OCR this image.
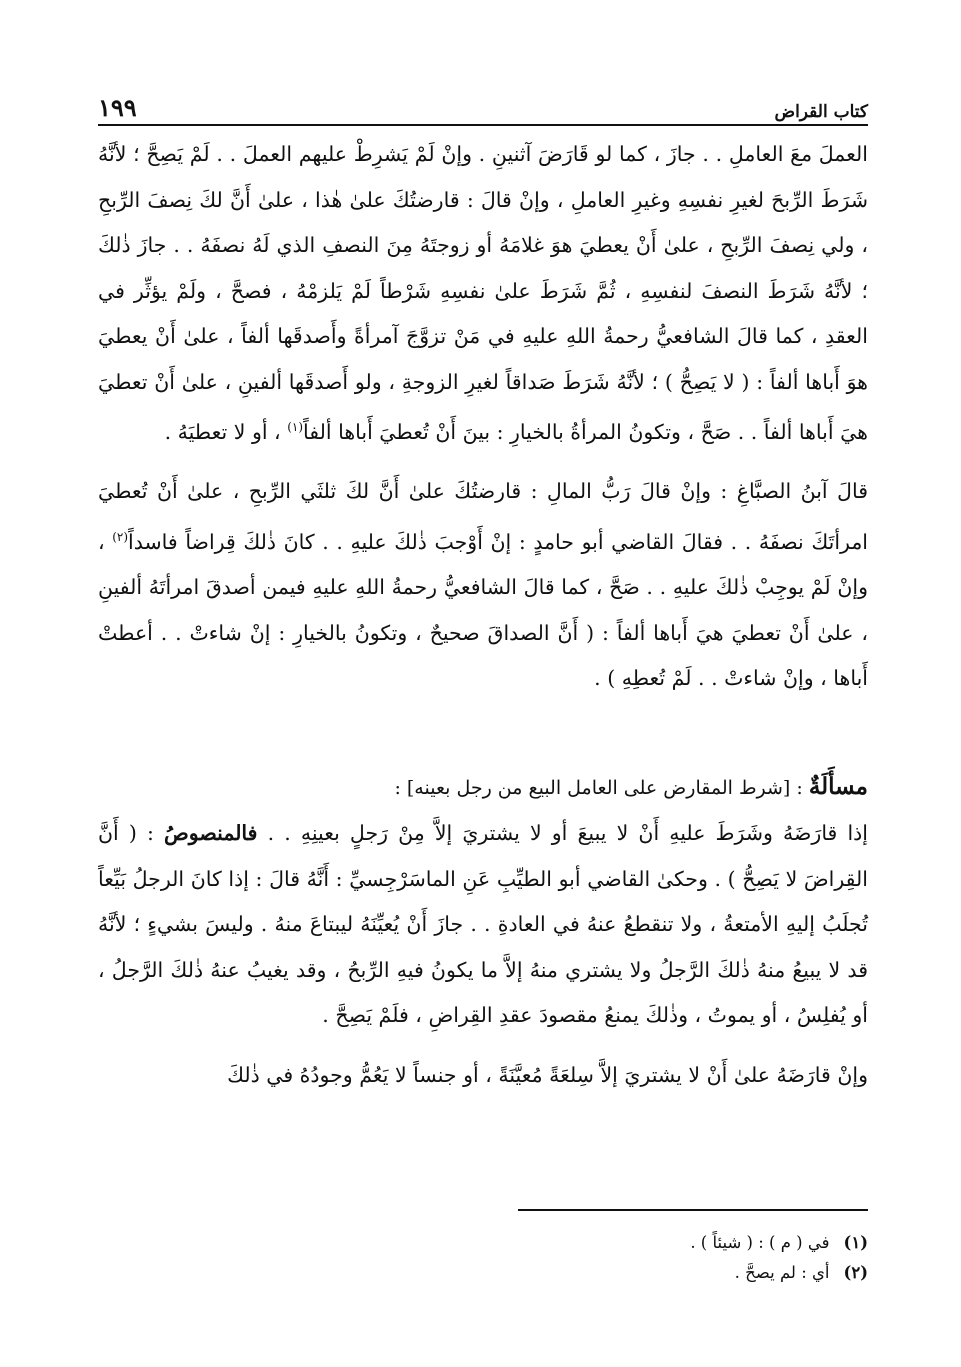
كتاب القراض
١٩٩

العملَ معَ العاملِ . . جازَ ، كما لو قَارَضَ آثنينِ . وإنْ لَمْ يَشرِطْ عليهم العملَ . . لَمْ يَصِحَّ ؛ لأنَّهُ شَرَطَ الرِّبحَ لغيرِ نفسِهِ وغيرِ العاملِ ، وإنْ قالَ : قارضتُكَ علىٰ هٰذا ، علىٰ أَنَّ لكَ نِصفَ الرِّبحِ ، ولي نِصفَ الرِّبحِ ، علىٰ أَنْ يعطيَ هوَ غلامَهُ أو زوجتَهُ مِنَ النصفِ الذي لَهُ نصفَهُ . . جازَ ذٰلكَ ؛ لأنَّهُ شَرَطَ النصفَ لنفسِهِ ، ثُمَّ شَرَطَ علىٰ نفسِهِ شَرْطاً لَمْ يَلزمْهُ ، فصحَّ ، ولَمْ يؤثِّر في العقدِ ، كما قالَ الشافعيُّ رحمةُ اللهِ عليهِ في مَنْ تزوَّجَ آمرأةً وأَصدقَها ألفاً ، علىٰ أَنْ يعطيَ هوَ أَباها ألفاً : ( لا يَصِحُّ ) ؛ لأنَّهُ شَرَطَ صَداقاً لغيرِ الزوجةِ ، ولو أَصدقَها ألفينِ ، علىٰ أَنْ تعطيَ هيَ أَباها ألفاً . . صَحَّ ، وتكونُ المرأةُ بالخيارِ : بينَ أَنْ تُعطيَ أَباها ألفاً$^{(١)}$ ، أو لا تعطيَهُ .

قالَ آبنُ الصبَّاغِ : وإنْ قالَ رَبُّ المالِ : قارضتُكَ علىٰ أَنَّ لكَ ثلثَي الرِّبحِ ، علىٰ أَنْ تُعطيَ امرأتَكَ نصفَهُ . . فقالَ القاضي أبو حامدٍ : إنْ أَوْجبَ ذٰلكَ عليهِ . . كانَ ذٰلكَ قِراضاً فاسداً$^{(٢)}$ ، وإنْ لَمْ يوجِبْ ذٰلكَ عليهِ . . صَحَّ ، كما قالَ الشافعيُّ رحمةُ اللهِ عليهِ فيمن أصدقَ امرأتَهُ ألفينِ ، علىٰ أَنْ تعطيَ هيَ أَباها ألفاً : ( أَنَّ الصداقَ صحيحٌ ، وتكونُ بالخيارِ : إنْ شاءتْ . . أعطتْ أَباها ، وإنْ شاءتْ . . لَمْ تُعطِهِ ) .

مسأَلَةٌ : [شرط المقارض على العامل البيع من رجل بعينه] :

إذا قارَضَهُ وشَرَطَ عليهِ أَنْ لا يبيعَ أو لا يشتريَ إلاَّ مِنْ رَجلٍ بعينِهِ . . فالمنصوصُ : ( أَنَّ القِراضَ لا يَصِحُّ ) . وحكىٰ القاضي أبو الطيِّبِ عَنِ الماسَرْجِسيِّ : أَنَّهُ قالَ : إذا كانَ الرجلُ بَيِّعاً تُجلَبُ إليهِ الأمتعةُ ، ولا تنقطعُ عنهُ في العادةِ . . جازَ أَنْ يُعيِّنَهُ ليبتاعَ منهُ . وليسَ بشيءٍ ؛ لأنَّهُ قد لا يبيعُ منهُ ذٰلكَ الرَّجلُ ولا يشتري منهُ إلاَّ ما يكونُ فيهِ الرِّبحُ ، وقد يغيبُ عنهُ ذٰلكَ الرَّجلُ ، أو يُفلِسُ ، أو يموتُ ، وذٰلكَ يمنعُ مقصودَ عقدِ القِراضِ ، فلَمْ يَصِحَّ .

وإنْ قارَضَهُ علىٰ أَنْ لا يشتريَ إلاَّ سِلعَةً مُعيَّنَةً ، أو جنساً لا يَعُمُّ وجودُهُ في ذٰلكَ

(١)
في ( م ) : ( شيئاً ) .
(٢)
أي : لم يصحَّ .
